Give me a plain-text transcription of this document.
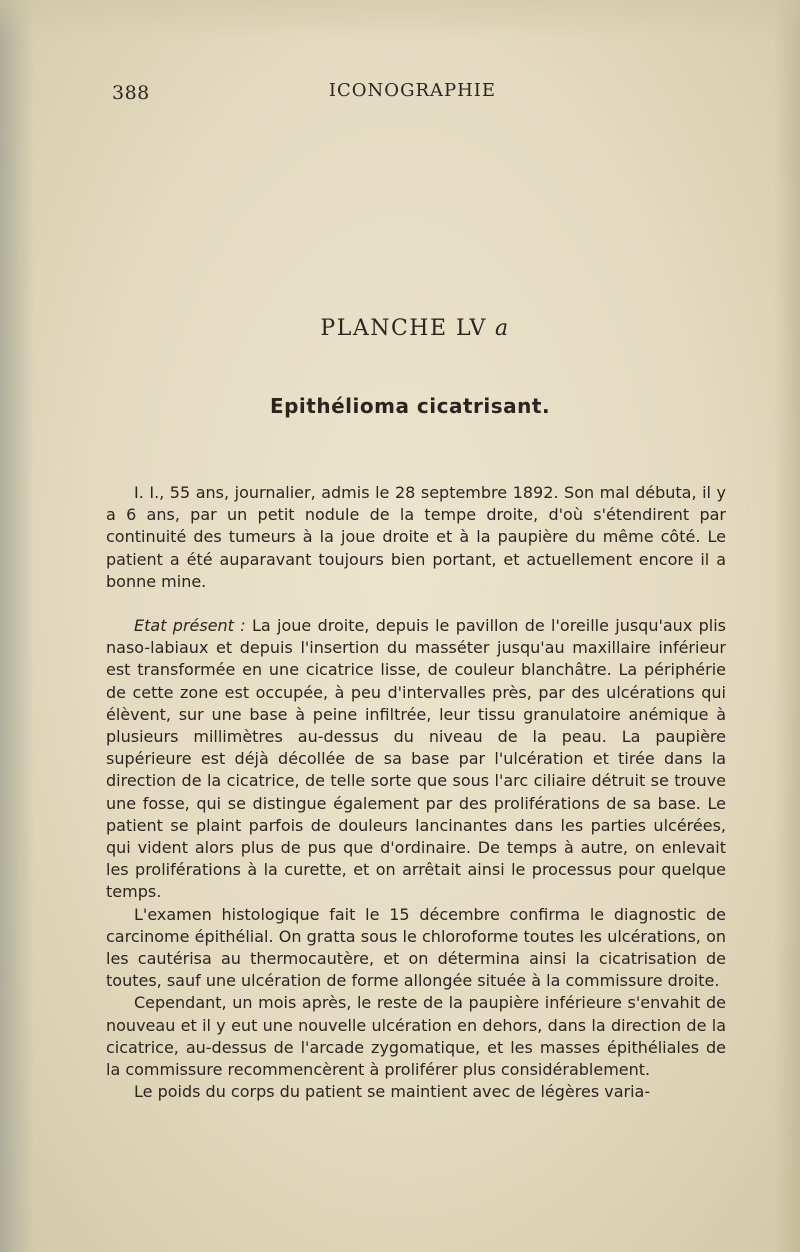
388	ICONOGRAPHIE
PLANCHE LV a
Epithélioma cicatrisant.

I. I., 55 ans, journalier, admis le 28 septembre 1892. Son mal débuta, il y a 6 ans, par un petit nodule de la tempe droite, d'où s'étendirent par continuité des tumeurs à la joue droite et à la paupière du même côté. Le patient a été auparavant toujours bien portant, et actuellement encore il a bonne mine.

Etat présent : La joue droite, depuis le pavillon de l'oreille jusqu'aux plis naso-labiaux et depuis l'insertion du masséter jusqu'au maxillaire inférieur est transformée en une cicatrice lisse, de couleur blanchâtre. La périphérie de cette zone est occupée, à peu d'intervalles près, par des ulcérations qui élèvent, sur une base à peine infiltrée, leur tissu granulatoire anémique à plusieurs millimètres au-dessus du niveau de la peau. La paupière supérieure est déjà décollée de sa base par l'ulcération et tirée dans la direction de la cicatrice, de telle sorte que sous l'arc ciliaire détruit se trouve une fosse, qui se distingue également par des proliférations de sa base. Le patient se plaint parfois de douleurs lancinantes dans les parties ulcérées, qui vident alors plus de pus que d'ordinaire. De temps à autre, on enlevait les proliférations à la curette, et on arrêtait ainsi le processus pour quelque temps.

L'examen histologique fait le 15 décembre confirma le diagnostic de carcinome épithélial. On gratta sous le chloroforme toutes les ulcérations, on les cautérisa au thermocautère, et on détermina ainsi la cicatrisation de toutes, sauf une ulcération de forme allongée située à la commissure droite.

Cependant, un mois après, le reste de la paupière inférieure s'envahit de nouveau et il y eut une nouvelle ulcération en dehors, dans la direction de la cicatrice, au-dessus de l'arcade zygomatique, et les masses épithéliales de la commissure recommencèrent à proliférer plus considérablement.

Le poids du corps du patient se maintient avec de légères varia-
